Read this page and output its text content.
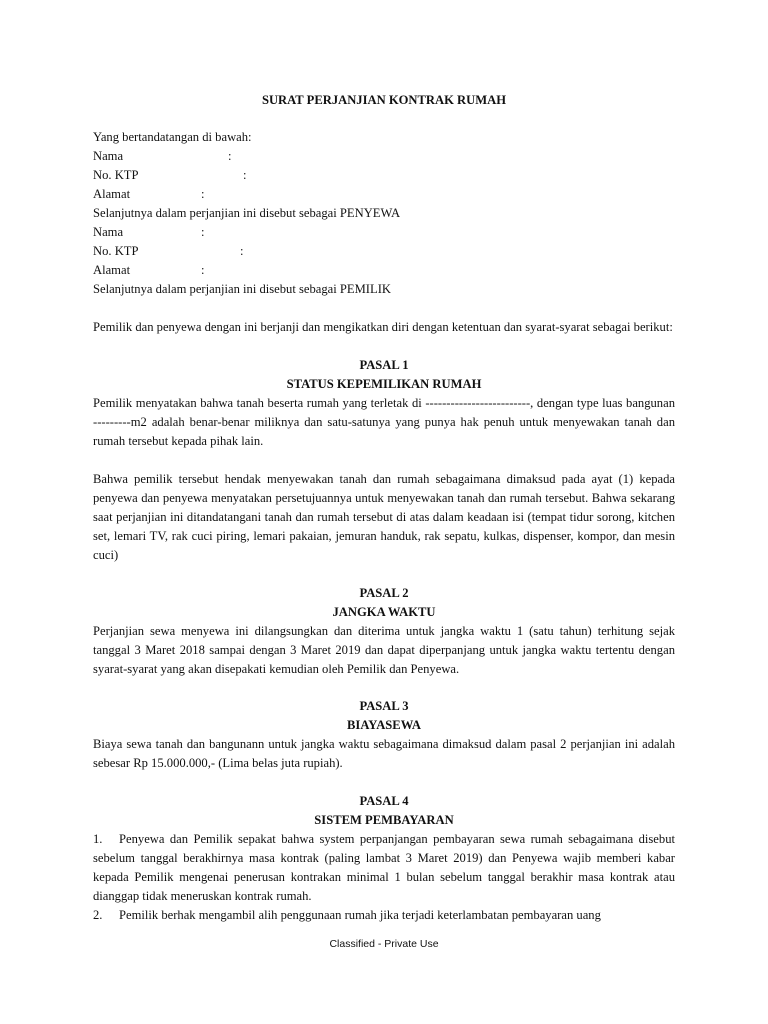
SURAT PERJANJIAN KONTRAK RUMAH
Yang bertandatangan di bawah:
Nama	:
No. KTP	:
Alamat	:
Selanjutnya dalam perjanjian ini disebut sebagai PENYEWA
Nama	:
No. KTP	:
Alamat	:
Selanjutnya dalam perjanjian ini disebut sebagai PEMILIK
Pemilik dan penyewa dengan ini berjanji dan mengikatkan diri dengan ketentuan dan syarat-syarat sebagai berikut:
PASAL 1
STATUS KEPEMILIKAN RUMAH
Pemilik menyatakan bahwa tanah beserta rumah yang terletak di -------------------------, dengan type luas bangunan ---------m2 adalah benar-benar miliknya dan satu-satunya yang punya hak penuh untuk menyewakan tanah dan rumah tersebut kepada pihak lain.
Bahwa pemilik tersebut hendak menyewakan tanah dan rumah sebagaimana dimaksud pada ayat (1) kepada penyewa dan penyewa menyatakan persetujuannya untuk menyewakan tanah dan rumah tersebut. Bahwa sekarang saat perjanjian ini ditandatangani tanah dan rumah tersebut di atas dalam keadaan isi (tempat tidur sorong, kitchen set, lemari TV, rak cuci piring, lemari pakaian, jemuran handuk, rak sepatu, kulkas, dispenser, kompor, dan mesin cuci)
PASAL 2
JANGKA WAKTU
Perjanjian sewa menyewa ini dilangsungkan dan diterima untuk jangka waktu 1 (satu tahun) terhitung sejak tanggal 3 Maret 2018 sampai dengan 3 Maret 2019 dan dapat diperpanjang untuk jangka waktu tertentu dengan syarat-syarat yang akan disepakati kemudian oleh Pemilik dan Penyewa.
PASAL 3
BIAYASEWA
Biaya sewa tanah dan bangunann untuk jangka waktu sebagaimana dimaksud dalam pasal 2 perjanjian ini adalah sebesar Rp 15.000.000,- (Lima belas juta rupiah).
PASAL 4
SISTEM PEMBAYARAN
1. Penyewa dan Pemilik sepakat bahwa system perpanjangan pembayaran sewa rumah sebagaimana disebut sebelum tanggal berakhirnya masa kontrak (paling lambat 3 Maret 2019) dan Penyewa wajib memberi kabar kepada Pemilik mengenai penerusan kontrakan minimal 1 bulan sebelum tanggal berakhir masa kontrak atau dianggap tidak meneruskan kontrak rumah.
2. Pemilik berhak mengambil alih penggunaan rumah jika terjadi keterlambatan pembayaran uang
Classified - Private Use
